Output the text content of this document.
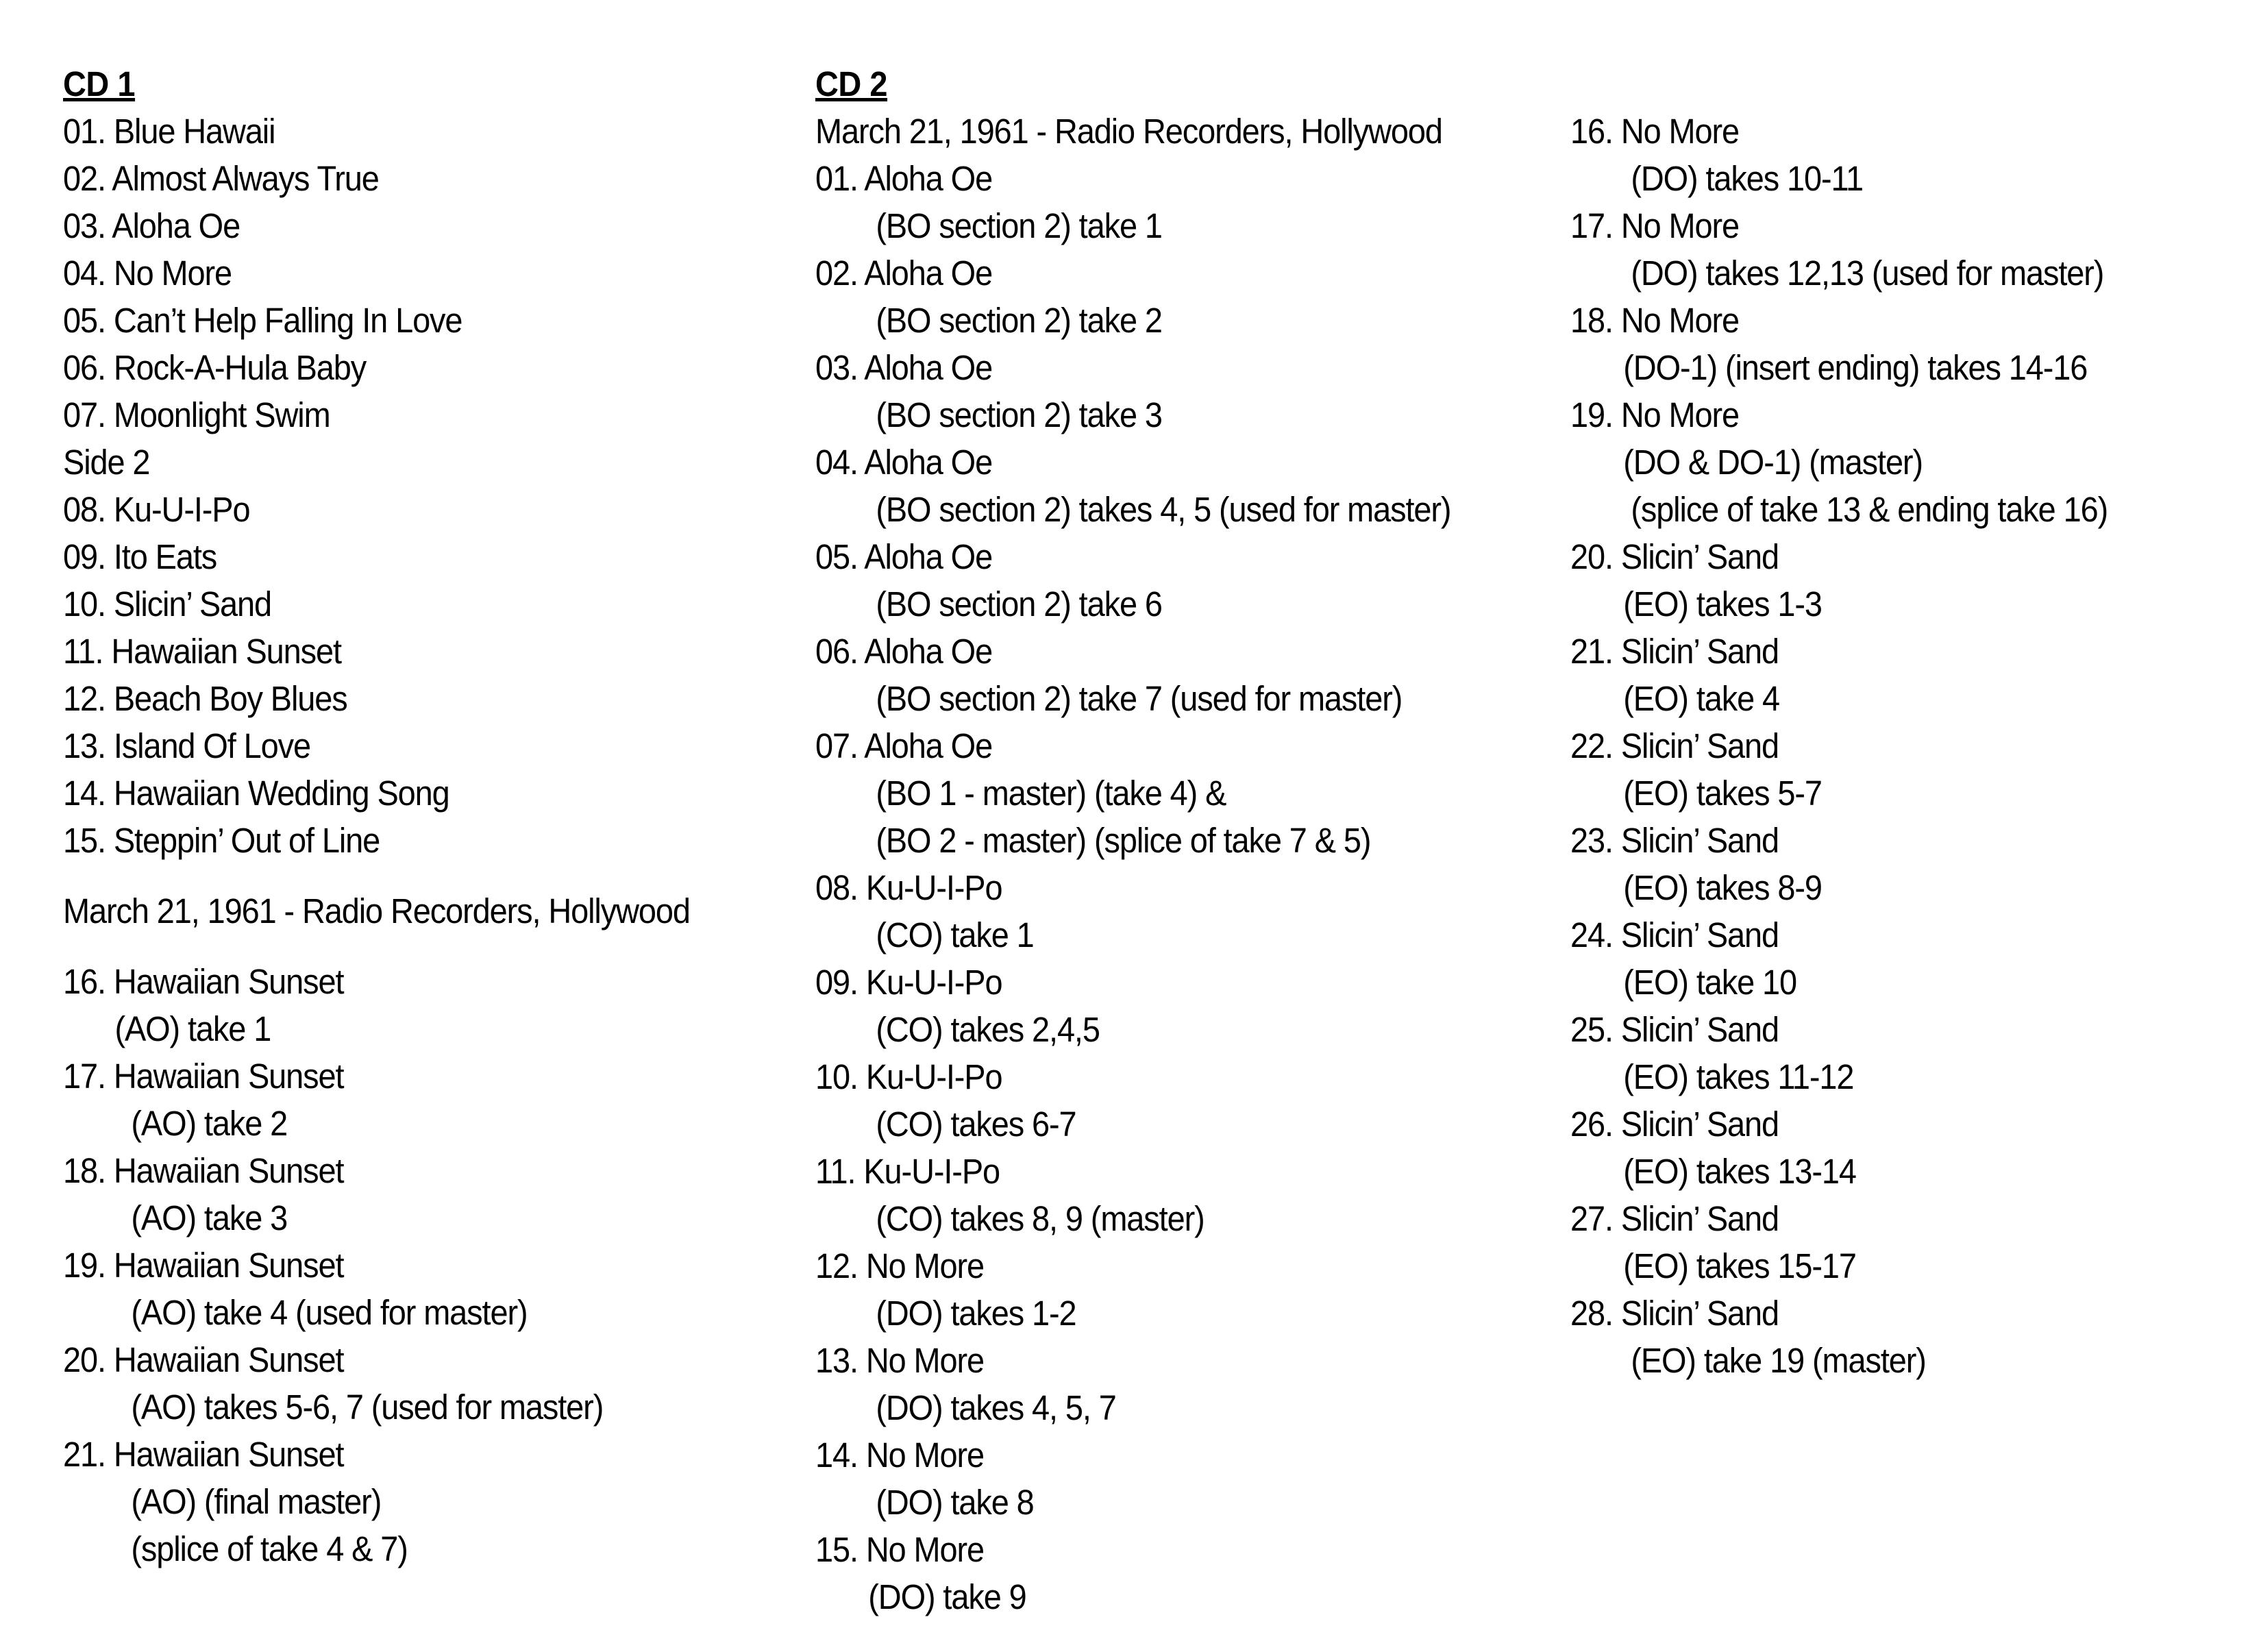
CD 1
01. Blue Hawaii
02. Almost Always True
03. Aloha Oe
04. No More
05. Can’t Help Falling In Love
06. Rock-A-Hula Baby
07. Moonlight Swim
Side 2
08. Ku-U-I-Po
09. Ito Eats
10. Slicin’ Sand
11. Hawaiian Sunset
12. Beach Boy Blues
13. Island Of Love
14. Hawaiian Wedding Song
15. Steppin’ Out of Line
March 21, 1961 - Radio Recorders, Hollywood
16. Hawaiian Sunset
(AO) take 1
17. Hawaiian Sunset
(AO) take 2
18. Hawaiian Sunset
(AO) take 3
19. Hawaiian Sunset
(AO) take 4 (used for master)
20. Hawaiian Sunset
(AO) takes 5-6, 7 (used for master)
21. Hawaiian Sunset
(AO) (final master)
(splice of take 4 & 7)
CD 2
March 21, 1961 - Radio Recorders, Hollywood
01. Aloha Oe
(BO section 2) take 1
02. Aloha Oe
(BO section 2) take 2
03. Aloha Oe
(BO section 2) take 3
04. Aloha Oe
(BO section 2) takes 4, 5 (used for master)
05. Aloha Oe
(BO section 2) take 6
06. Aloha Oe
(BO section 2) take 7 (used for master)
07. Aloha Oe
(BO 1 - master) (take 4) &
(BO 2 - master) (splice of take 7 & 5)
08. Ku-U-I-Po
(CO) take 1
09. Ku-U-I-Po
(CO) takes 2,4,5
10. Ku-U-I-Po
(CO) takes 6-7
11. Ku-U-I-Po
(CO) takes 8, 9 (master)
12. No More
(DO) takes 1-2
13. No More
(DO) takes 4, 5, 7
14. No More
(DO) take 8
15. No More
(DO) take 9
16. No More
(DO) takes 10-11
17. No More
(DO) takes 12,13 (used for master)
18. No More
(DO-1) (insert ending) takes 14-16
19. No More
(DO & DO-1) (master)
(splice of take 13 & ending take 16)
20. Slicin’ Sand
(EO) takes 1-3
21. Slicin’ Sand
(EO) take 4
22. Slicin’ Sand
(EO) takes 5-7
23. Slicin’ Sand
(EO) takes 8-9
24. Slicin’ Sand
(EO) take 10
25. Slicin’ Sand
(EO) takes 11-12
26. Slicin’ Sand
(EO) takes 13-14
27. Slicin’ Sand
(EO) takes 15-17
28. Slicin’ Sand
(EO) take 19 (master)
